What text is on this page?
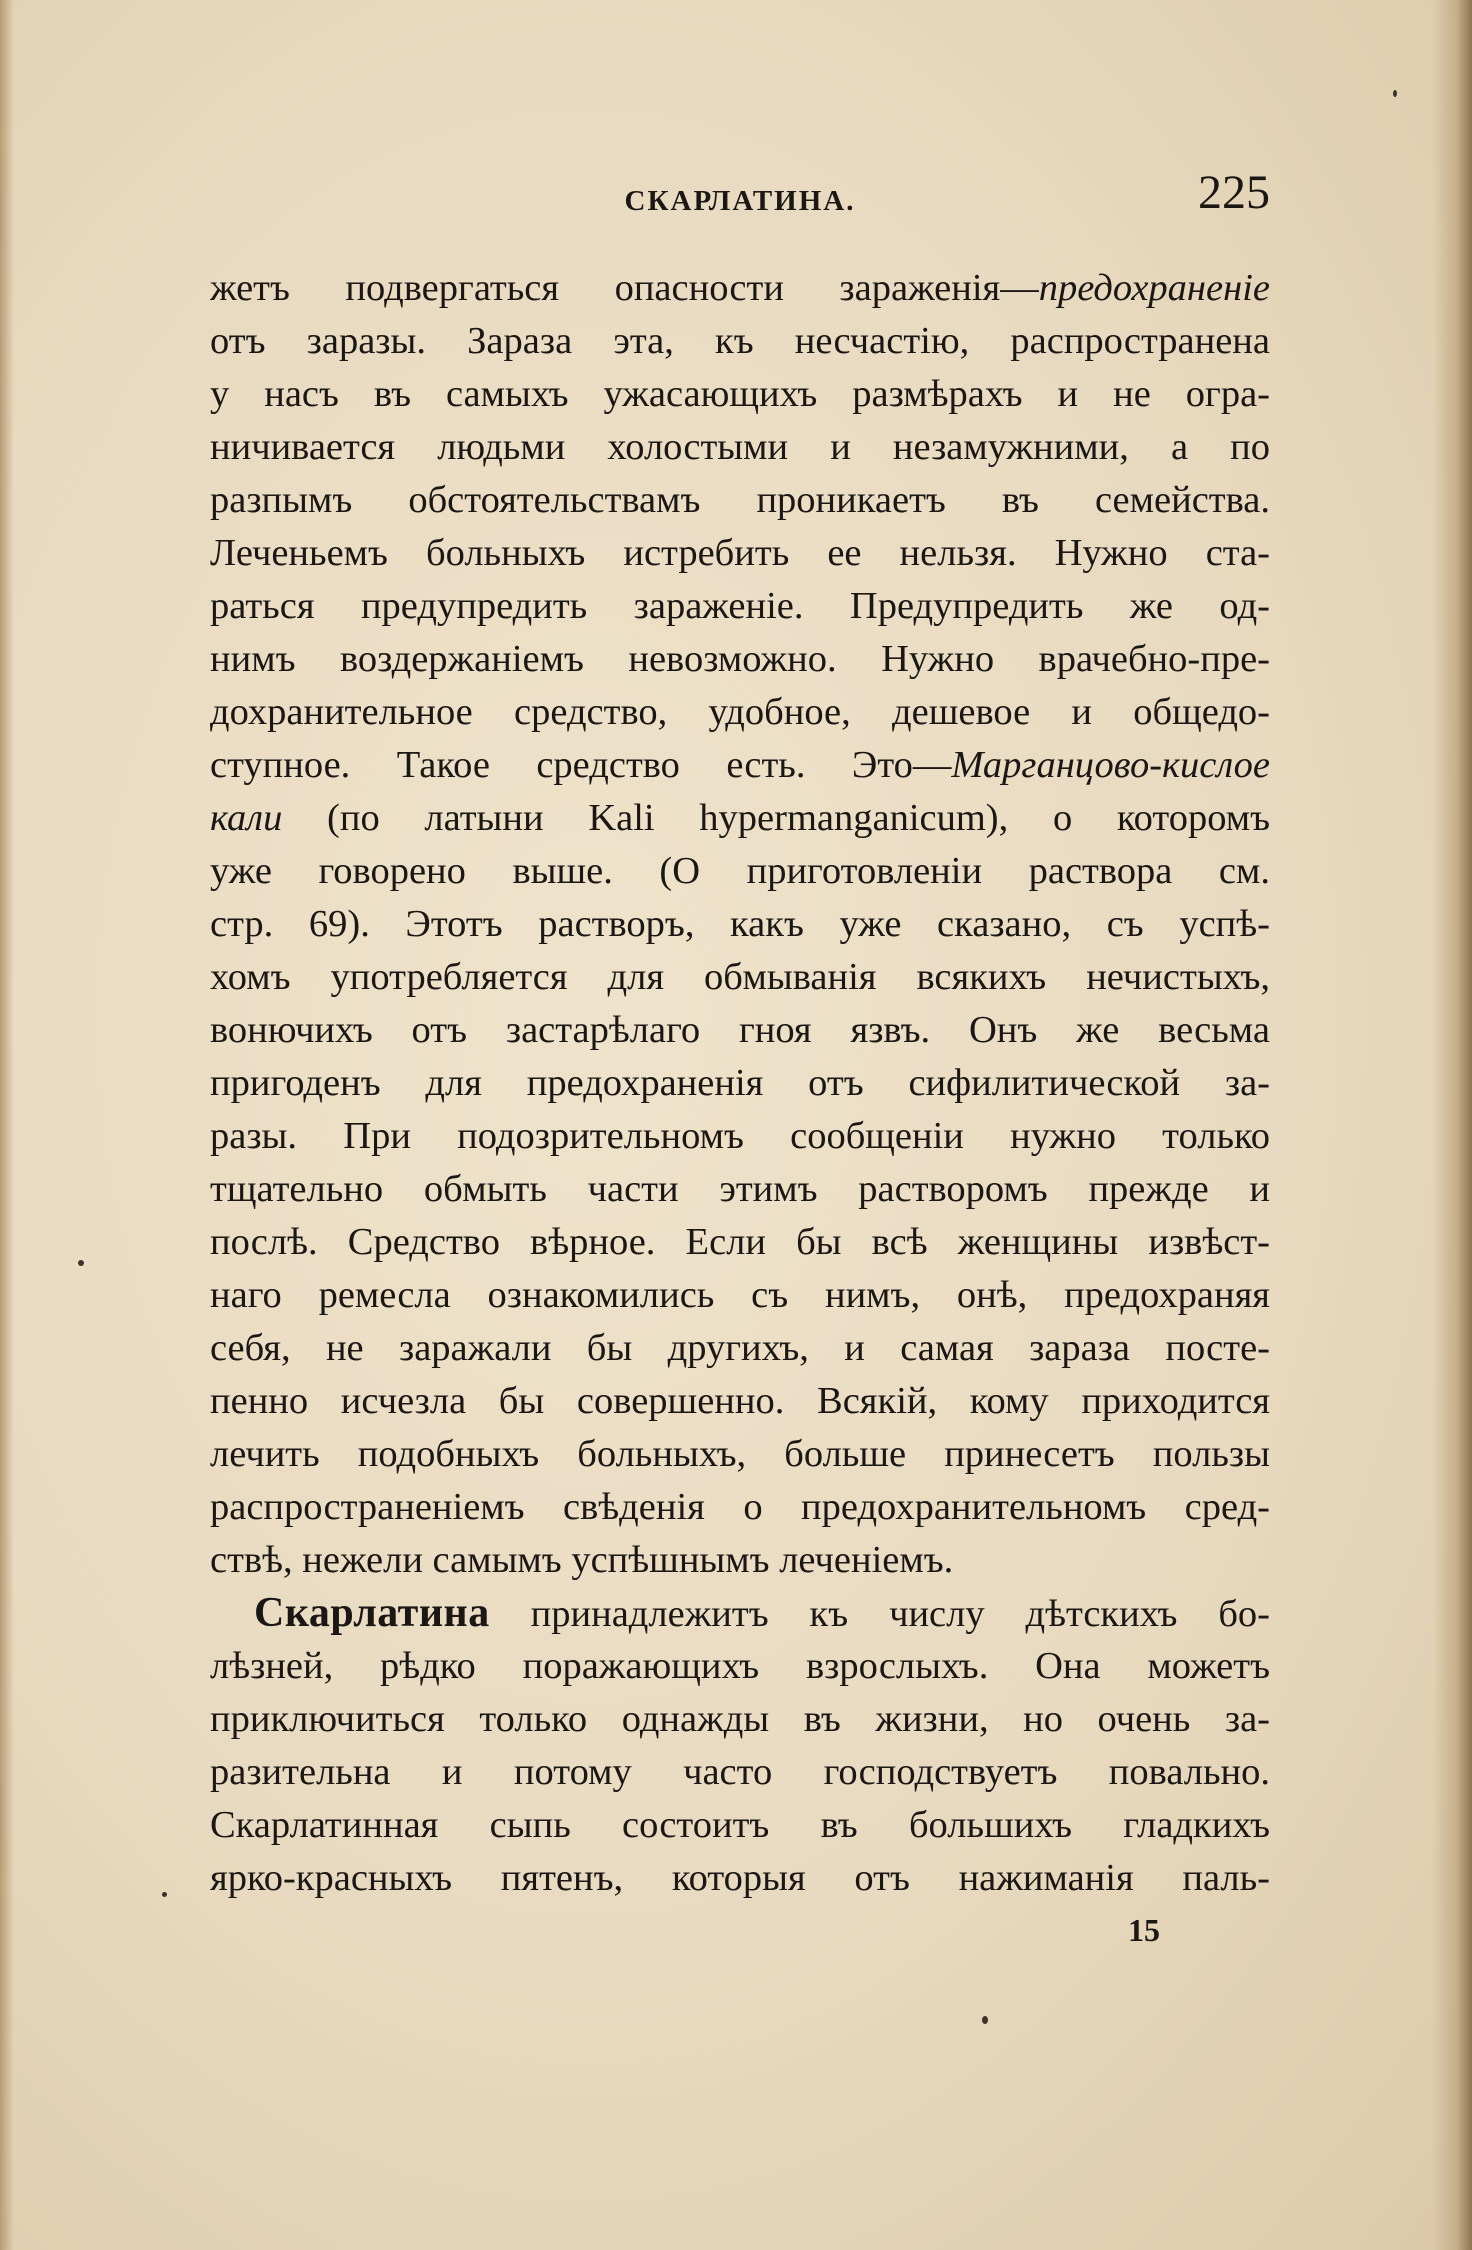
СКАРЛАТИНА.	225
жетъ подвергаться опасности зараженія—предохраненіе
отъ заразы. Зараза эта, къ несчастію, распространена
у насъ въ самыхъ ужасающихъ размѣрахъ и не огра-
ничивается людьми холостыми и незамужними, а по
разпымъ обстоятельствамъ проникаетъ въ семейства.
Леченьемъ больныхъ истребить ее нельзя. Нужно ста-
раться предупредить зараженіе. Предупредить же од-
нимъ воздержаніемъ невозможно. Нужно врачебно-пре-
дохранительное средство, удобное, дешевое и общедо-
ступное. Такое средство есть. Это—Марганцово-кислое
кали (по латыни Kali hypermanganicum), о которомъ
уже говорено выше. (О приготовленіи раствора см.
стр. 69). Этотъ растворъ, какъ уже сказано, съ успѣ-
хомъ употребляется для обмыванія всякихъ нечистыхъ,
вонючихъ отъ застарѣлаго гноя язвъ. Онъ же весьма
пригоденъ для предохраненія отъ сифилитической за-
разы. При подозрительномъ сообщеніи нужно только
тщательно обмыть части этимъ растворомъ прежде и
послѣ. Средство вѣрное. Если бы всѣ женщины извѣст-
наго ремесла ознакомились съ нимъ, онѣ, предохраняя
себя, не заражали бы другихъ, и самая зараза посте-
пенно исчезла бы совершенно. Всякій, кому приходится
лечить подобныхъ больныхъ, больше принесетъ пользы
распространеніемъ свѣденія о предохранительномъ сред-
ствѣ, нежели самымъ успѣшнымъ леченіемъ.
Скарлатина принадлежитъ къ числу дѣтскихъ бо-
лѣзней, рѣдко поражающихъ взрослыхъ. Она можетъ
приключиться только однажды въ жизни, но очень за-
разительна и потому часто господствуетъ повально.
Скарлатинная сыпь состоитъ въ большихъ гладкихъ
ярко-красныхъ пятенъ, которыя отъ нажиманія паль-
15
